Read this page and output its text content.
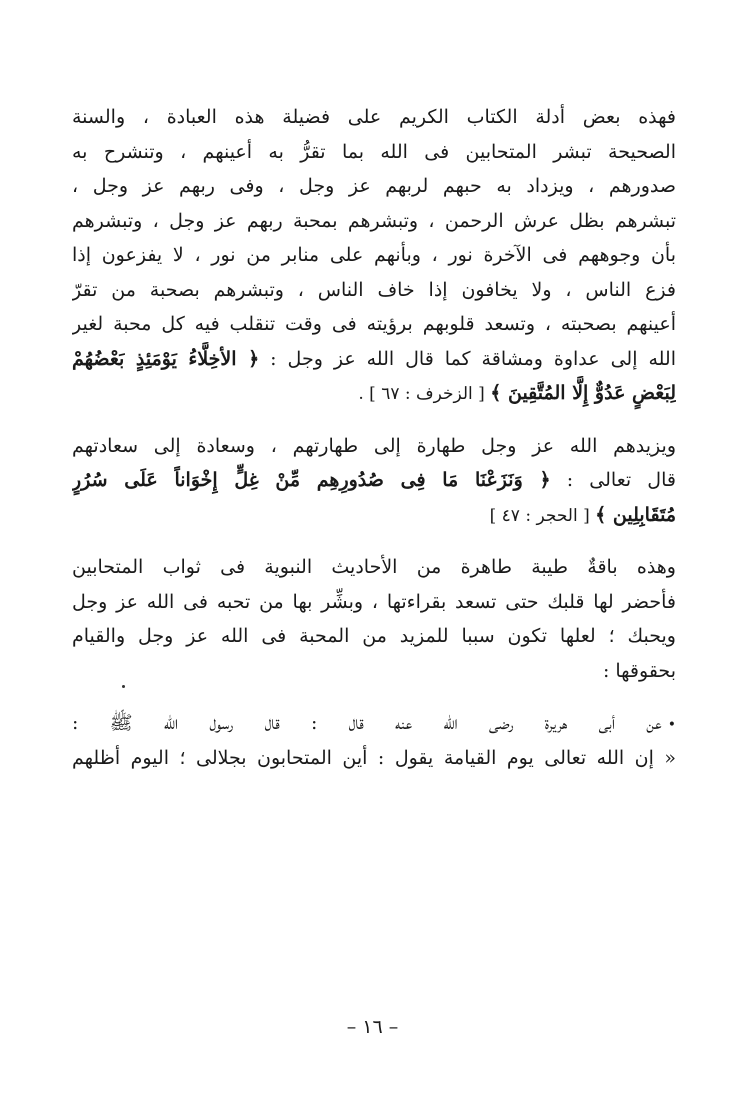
فهذه بعض أدلة الكتاب الكريم على فضيلة هذه العبادة ، والسنة
الصحيحة تبشر المتحابين فى الله بما تقرُّ به أعينهم ، وتنشرح به
صدورهم ، ويزداد به حبهم لربهم عز وجل ، وفى ربهم عز وجل ،
تبشرهم بظل عرش الرحمن ، وتبشرهم بمحبة ربهم عز وجل ، وتبشرهم
بأن وجوههم فى الآخرة نور ، وبأنهم على منابر من نور ، لا يفزعون إذا
فزع الناس ، ولا يخافون إذا خاف الناس ، وتبشرهم بصحبة من تقرّ
أعينهم بصحبته ، وتسعد قلوبهم برؤيته فى وقت تنقلب فيه كل محبة لغير
الله إلى عداوة ومشاقة كما قال الله عز وجل : ﴿ الأخِلَّاءُ يَوْمَئِذٍ بَعْضُهُمْ
لِبَعْضٍ عَدُوٌّ إِلَّا المُتَّقِينَ ﴾ [ الزخرف : ٦٧ ] .
ويزيدهم الله عز وجل طهارة إلى طهارتهم ، وسعادة إلى سعادتهم
قال تعالى : ﴿ وَنَزَعْنَا مَا فِى صُدُورِهِم مِّنْ غِلٍّ إِخْوَاناً عَلَى سُرُرٍ
مُتَقَابِلِين ﴾ [ الحجر : ٤٧ ]
وهذه باقةٌ طيبة طاهرة من الأحاديث النبوية فى ثواب المتحابين
فأحضر لها قلبك حتى تسعد بقراءتها ، وبشِّر بها من تحبه فى الله عز وجل
ويحبك ؛ لعلها تكون سببا للمزيد من المحبة فى الله عز وجل والقيام
بحقوقها :
•عن أبى هريرة رضى الله عنه قال : قال رسول الله ﷺ :
« إن الله تعالى يوم القيامة يقول : أين المتحابون بجلالى ؛ اليوم أظلهم
– ١٦ –
